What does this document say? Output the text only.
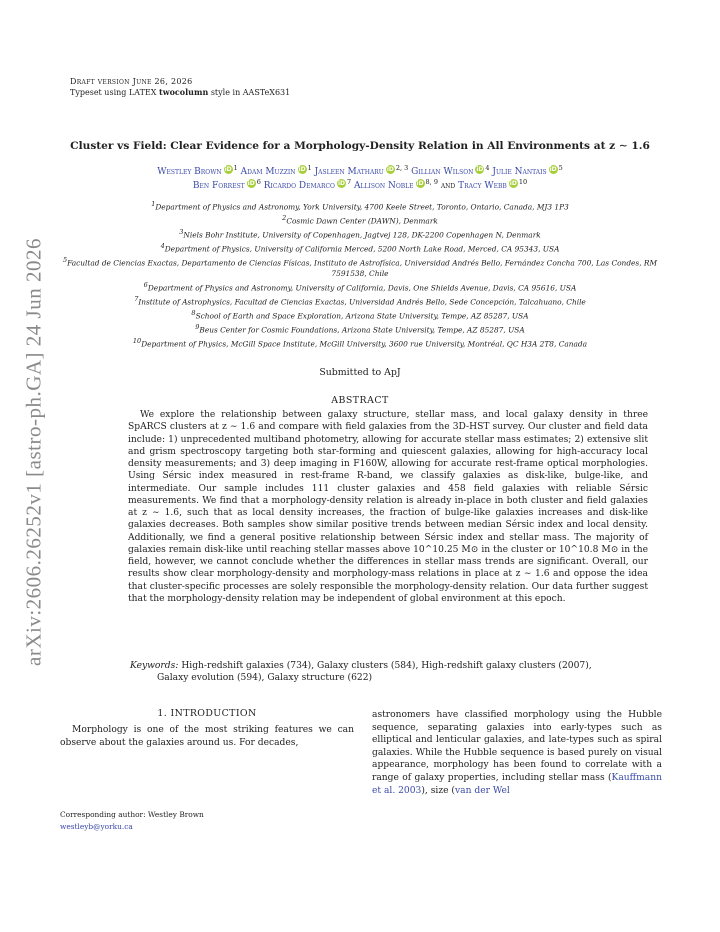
Draft version June 26, 2026
Typeset using LATEX twocolumn style in AASTeX631
arXiv:2606.26252v1 [astro-ph.GA] 24 Jun 2026
Cluster vs Field: Clear Evidence for a Morphology-Density Relation in All Environments at z ∼ 1.6
Westley Brown iD $^1$ Adam Muzzin iD $^1$ Jasleen Matharu iD $^{2, 3}$ Gillian Wilson iD $^4$ Julie Nantais iD $^5$
Ben Forrest iD $^6$ Ricardo Demarco iD $^7$ Allison Noble iD $^{8, 9}$ and Tracy Webb iD $^{10}$
$^1$Department of Physics and Astronomy, York University, 4700 Keele Street, Toronto, Ontario, Canada, MJ3 1P3
$^2$Cosmic Dawn Center (DAWN), Denmark
$^3$Niels Bohr Institute, University of Copenhagen, Jagtvej 128, DK-2200 Copenhagen N, Denmark
$^4$Department of Physics, University of California Merced, 5200 North Lake Road, Merced, CA 95343, USA
$^5$Facultad de Ciencias Exactas, Departamento de Ciencias Físicas, Instituto de Astrofísica, Universidad Andrés Bello, Fernández Concha 700, Las Condes, RM 7591538, Chile
$^6$Department of Physics and Astronomy, University of California, Davis, One Shields Avenue, Davis, CA 95616, USA
$^7$Institute of Astrophysics, Facultad de Ciencias Exactas, Universidad Andrés Bello, Sede Concepción, Talcahuano, Chile
$^8$School of Earth and Space Exploration, Arizona State University, Tempe, AZ 85287, USA
$^9$Beus Center for Cosmic Foundations, Arizona State University, Tempe, AZ 85287, USA
$^{10}$Department of Physics, McGill Space Institute, McGill University, 3600 rue University, Montréal, QC H3A 2T8, Canada
Submitted to ApJ
ABSTRACT
We explore the relationship between galaxy structure, stellar mass, and local galaxy density in three SpARCS clusters at z ∼ 1.6 and compare with field galaxies from the 3D-HST survey. Our cluster and field data include: 1) unprecedented multiband photometry, allowing for accurate stellar mass estimates; 2) extensive slit and grism spectroscopy targeting both star-forming and quiescent galaxies, allowing for high-accuracy local density measurements; and 3) deep imaging in F160W, allowing for accurate rest-frame optical morphologies. Using Sérsic index measured in rest-frame R-band, we classify galaxies as disk-like, bulge-like, and intermediate. Our sample includes 111 cluster galaxies and 458 field galaxies with reliable Sérsic measurements. We find that a morphology-density relation is already in-place in both cluster and field galaxies at z ∼ 1.6, such that as local density increases, the fraction of bulge-like galaxies increases and disk-like galaxies decreases. Both samples show similar positive trends between median Sérsic index and local density. Additionally, we find a general positive relationship between Sérsic index and stellar mass. The majority of galaxies remain disk-like until reaching stellar masses above 10^10.25 M⊙ in the cluster or 10^10.8 M⊙ in the field, however, we cannot conclude whether the differences in stellar mass trends are significant. Overall, our results show clear morphology-density and morphology-mass relations in place at z ∼ 1.6 and oppose the idea that cluster-specific processes are solely responsible the morphology-density relation. Our data further suggest that the morphology-density relation may be independent of global environment at this epoch.
Keywords: High-redshift galaxies (734), Galaxy clusters (584), High-redshift galaxy clusters (2007),
Galaxy evolution (594), Galaxy structure (622)
1. INTRODUCTION
Morphology is one of the most striking features we can observe about the galaxies around us. For decades,
astronomers have classified morphology using the Hubble sequence, separating galaxies into early-types such as elliptical and lenticular galaxies, and late-types such as spiral galaxies. While the Hubble sequence is based purely on visual appearance, morphology has been found to correlate with a range of galaxy properties, including stellar mass (Kauffmann et al. 2003), size (van der Wel
Corresponding author: Westley Brown
westleyb@yorku.ca
